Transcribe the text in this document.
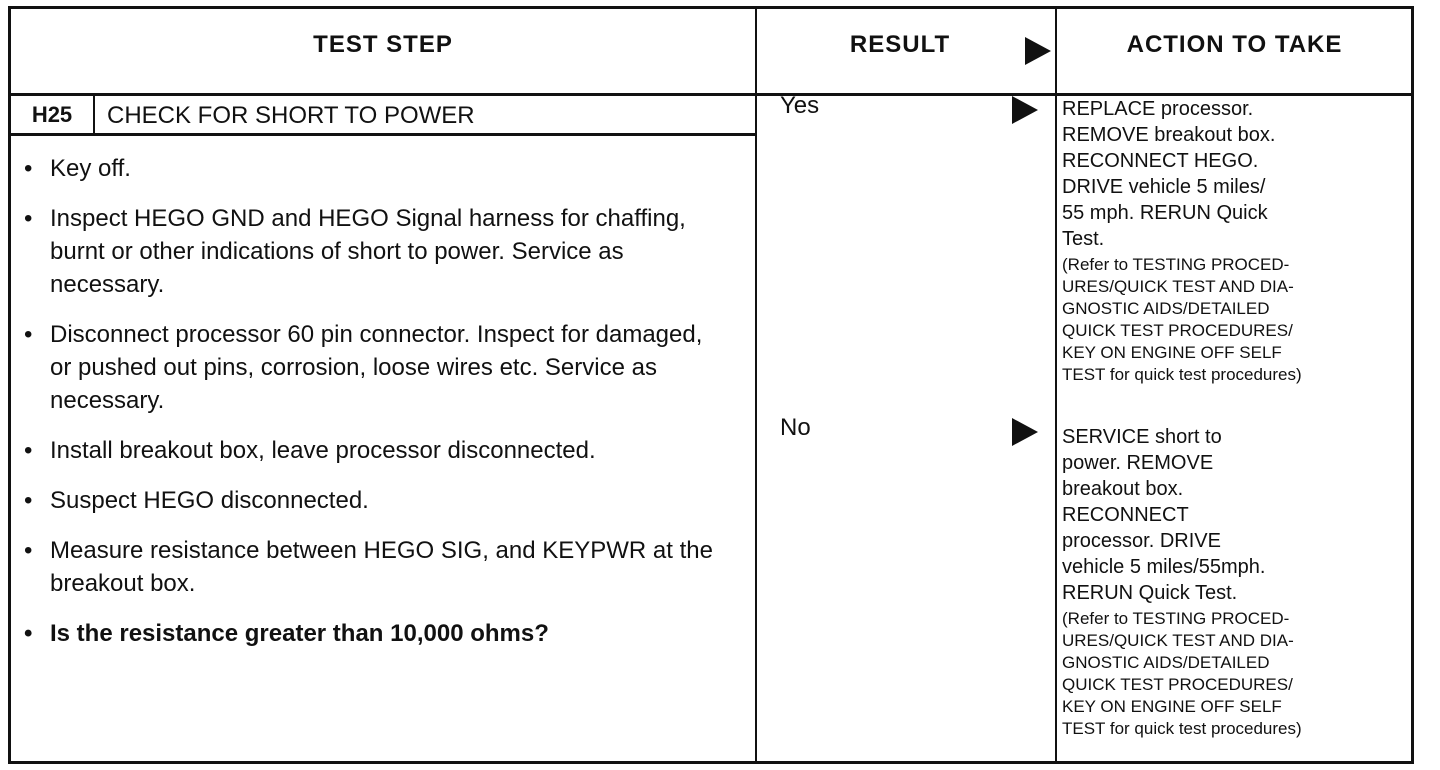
TEST STEP	RESULT	ACTION TO TAKE
H25	CHECK FOR SHORT TO POWER
• Key off.
• Inspect HEGO GND and HEGO Signal harness for chaffing, burnt or other indications of short to power. Service as necessary.
• Disconnect processor 60 pin connector. Inspect for damaged, or pushed out pins, corrosion, loose wires etc. Service as necessary.
• Install breakout box, leave processor disconnected.
• Suspect HEGO disconnected.
• Measure resistance between HEGO SIG, and KEYPWR at the breakout box.
• Is the resistance greater than 10,000 ohms?
Yes	REPLACE processor.
REMOVE breakout box.
RECONNECT HEGO.
DRIVE vehicle 5 miles/
55 mph. RERUN Quick
Test.
(Refer to TESTING PROCED-
URES/QUICK TEST AND DIA-
GNOSTIC AIDS/DETAILED
QUICK TEST PROCEDURES/
KEY ON ENGINE OFF SELF
TEST for quick test procedures)
No	SERVICE short to
power. REMOVE
breakout box.
RECONNECT
processor. DRIVE
vehicle 5 miles/55mph.
RERUN Quick Test.
(Refer to TESTING PROCED-
URES/QUICK TEST AND DIA-
GNOSTIC AIDS/DETAILED
QUICK TEST PROCEDURES/
KEY ON ENGINE OFF SELF
TEST for quick test procedures)
